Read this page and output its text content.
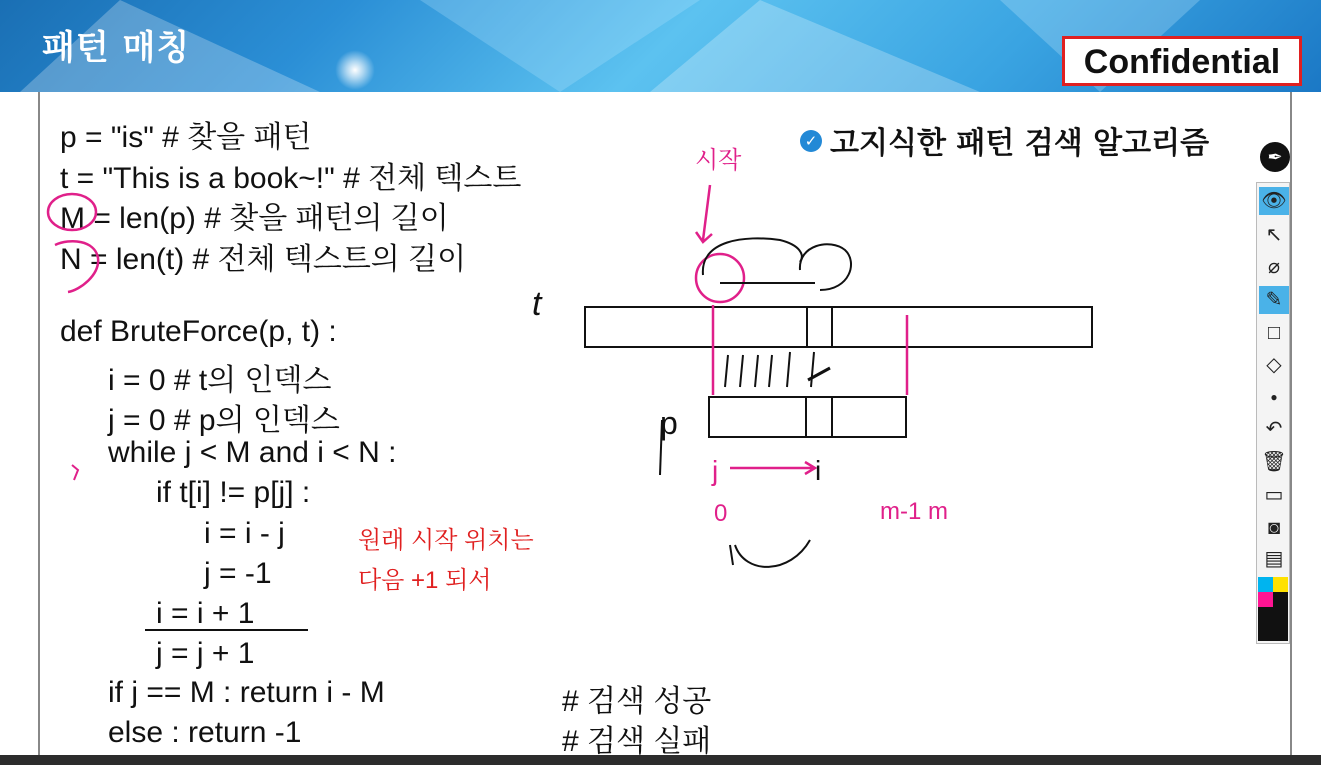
패턴 매칭	Confidential
p = "is" # 찾을 패턴
t = "This is a book~!" # 전체 텍스트
M = len(p) # 찾을 패턴의 길이
N = len(t) # 전체 텍스트의 길이
def BruteForce(p, t) :
i = 0 # t의 인덱스
j = 0 # p의 인덱스
while j < M and i < N :
if t[i] != p[j] :
i = i - j
j = -1
i = i + 1
j = j + 1
if j == M : return i - M
else : return -1
# 검색 성공
# 검색 실패
✓ 고지식한 패턴 검색 알고리즘
시작
t
p
j
0
i
m-1 m
원래 시작 위치는
다음 +1 되서
✒
👁
↖
⌀
✎
□
◇
●
↶
🗑
▭
◙
▤
